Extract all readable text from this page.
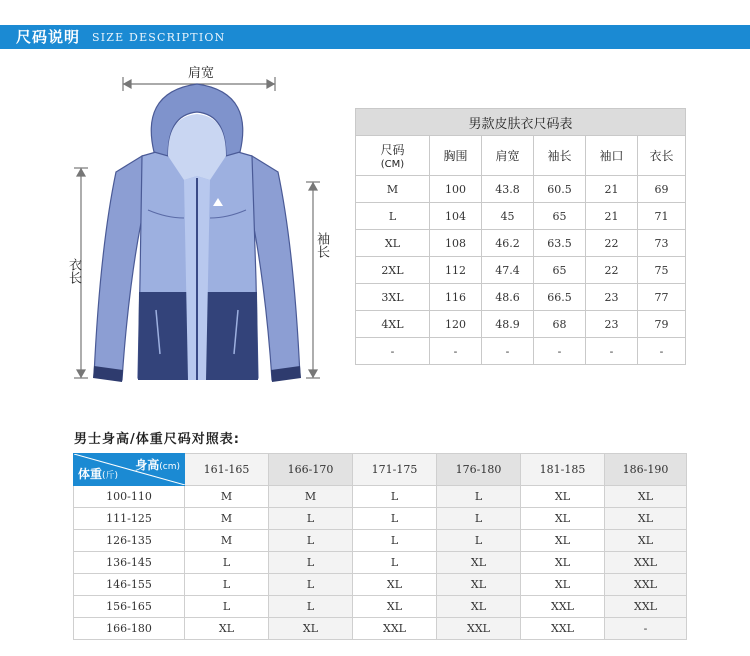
尺码说明 SIZE DESCRIPTION
肩宽
衣长
袖长
男款皮肤衣尺码表					
尺码
(CM)	胸围	肩宽	袖长	袖口	衣长
M	100	43.8	60.5	21	69
L	104	45	65	21	71
XL	108	46.2	63.5	22	73
2XL	112	47.4	65	22	75
3XL	116	48.6	66.5	23	77
4XL	120	48.9	68	23	79
-	-	-	-	-	-
男士身高/体重尺码对照表:
身高(cm)
体重(斤)	161-165	166-170	171-175	176-180	181-185	186-190
100-110	M	M	L	L	XL	XL
111-125	M	L	L	L	XL	XL
126-135	M	L	L	L	XL	XL
136-145	L	L	L	XL	XL	XXL
146-155	L	L	XL	XL	XL	XXL
156-165	L	L	XL	XL	XXL	XXL
166-180	XL	XL	XXL	XXL	XXL	-
